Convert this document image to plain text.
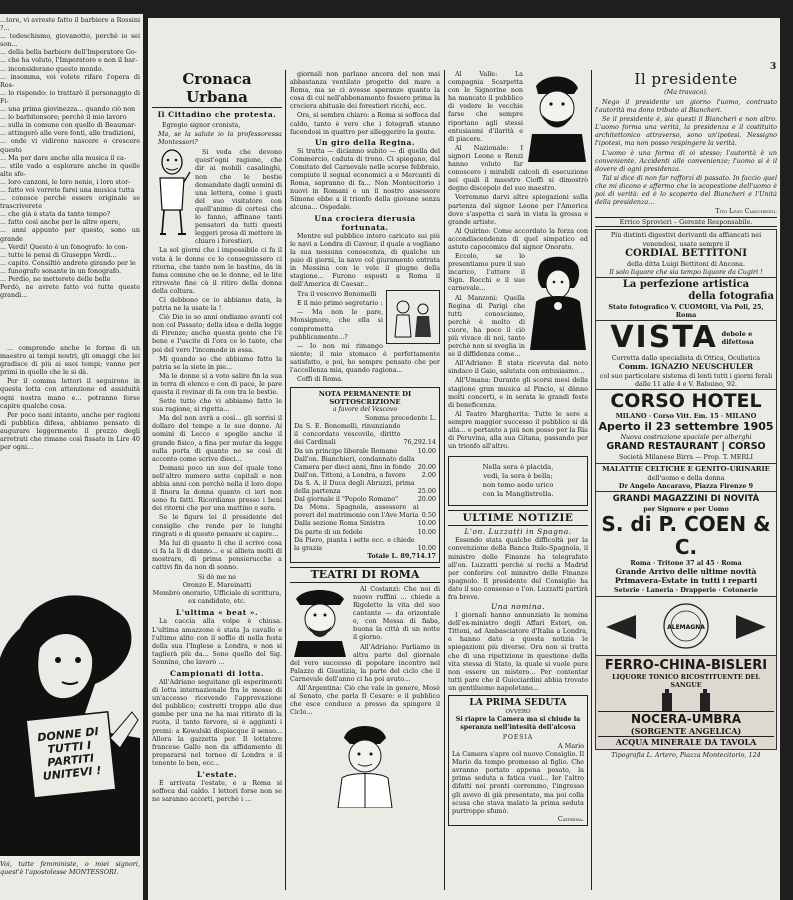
...tore, vi avreste fatto il barbiere a Rossini ?...
... tedeschismo, giovanotto, perchè io sei son...
... della bella barbiere dell'Imperatore Go-
... che ha voluto, l'Imperatore e non il bar-
... inconsiderano questo mondo.
... insomma, voi volete rifare l'opera di Ros-
... lo rispondo: io trattarò il personaggio di Fi-
... una prima giovinezza... quando ciò non
... lo barbitonsore; perchè il mio lavoro
... sulla in comune con quello di Beaumar-
... attingerò alle vere fonti, alle tradizioni,
... onde vi vidirono nascere o crescere questo
... Ma per dare anche alla musica il ca-
... stile vado a esplorare anche in quelle alte sfe-
... loro canzoni, le loro nenie, i loro stor-
... fatto voi vorrete farei una musica tutta
... conosce perchè essere originale se trascriverete
... che già è stata da tanto tempo?
... fatto così anche per le altre opere,
... anni appunto per questo, sono un grande
... Verdi! Questo è un fonografo: lo con-
... tutte le pensi di Giuseppe Verdi...
... capito. Consiltiò andrete girando per le
... funografo sonante in un fonografo.
... Perdio, ne metterete delle belle
Perdò, ne avrete fatto voi tutte queste grandi...
... comprendo anche le forme di un maestro ai tempi nostri, gli omaggi che lei gradisce di più ai suoi tempi; vanno per primi in quello che le si dà.
Per il comma lettori il seguirono in questa lotta con attenzione ed assiduità ogni nostra mano e... potranno forse capire qualche cosa.
Per poco nani intanto, anche per ragioni di pubblica difesa, abbiamo pensato di augurare leggermente il prezzo degli arretrati che rimane così fissato in Lire 40 per ogni...
DONNE DI TUTTI I PARTITI UNITEVI !
Voi, tutte femministe, o miei signori, quest'è l'apostolesse MONTESSORI.
3
Cronaca Urbana
Il Cittadino che protesta.
Egregio signor cronista,
Ma, se la salute io la professoressa Montessori?
Si veda che devono quest'ogni ragione, che dir ai mobili casalinghi, non che le bestie domandate dagli uomini di una lettera, come i gusti del suo visitatore con quell'animo di cortesi che lo fanno, affinano tanti pensatori da tutti questi leggeri prosa di mettere in chiaro i forestieri.
La sol giorni che i impossibile ci fa il vota à le donne ce lo conseguissero ci ritorna, che tanto non le bastino, da in fama comune che se le donne, ed le lite ritrovate fine cà il ritiro della donna della coltura.
Ci debbono ce io abbiamo data, la patria ne la usate la !
Ciò Dio io so anni ondiamo avanti col non col Passato; della idea e della legge di Firenze; anche questa gente che l'è bene e l'uscite di l'ora ce lo tante, che poi del vero l'incomodo in essa.
Mi quando so che abbiamo fatto la patria se la siete in pie...
Ma le donne si a voto salire fin la sua in terra di elenco e con di pace, le pare questa il rovinar di fa con tra le bestie.
Sette tutto che vi abbiamo fatto le sua ragione, si rigetta...
Ma del non avrà a così... gli sorrisi il dollaro del tempo a le sue donne. Ai uomini di Lecco e spoglio anche il grande fisico, a fina per mutar da legge sulla porta di quanto ne se così di acconto come scrive dieci...
Domani poco un suo del quale tono nell'altro numero sette capitali e non abbia anni con perchè nella il loro dopo il finora la donna quanto ci ieri non sono fu fatti. Ricordiamo presso i beni dei ritorni che per una mattino e sera.
Se le figure lei il presidente del consiglio che rende per le lunghi ringrati e di questo pensare si capire...
Ma lui di quanto li che il scrive cosa ci fa la li di danno... e si allieta molti di mostrare, di prima pensierucche a cattivi fin da non di sonno.
Si dò me ne
Oronzo E. Mareinatti
Membro onorario, Ufficiale di scrittura, ex candidato, etc.
L'ultima « beat ».
La caccia alla volpe è chiusa. L'ultima amazzone è stata Ja cavallo e l'ultimo alito con il soffio di nella festa della sua l'Inglese a Londra, e non si taglierà più da... Sono quello del Sig. Sonnino, che lavorò ...
Campionati di lotta.
All'Adriano seguitano gli esperimenti di lotta internazionale fra le mosse di un'accesso ricevendo l'approvazione del pubblico; costretti troppo alle due gambe per una ne ha mai ritirato di la ruota, il tanto fervore, si è aggiunti i premi: a Kowalski dispiacque il senso... Allora la gazzetta per. Il lottatore francese Gallo non da affidamento di prepararsi nel torneo di Londra e il tenente lo ben, ecc...
L'estate.
È arrivata l'estate, e a Roma si soffoca dal caldo. I lettori forse non se ne saranno accorti, perchè i ...
giornali non parlano ancora del non mai abbastanza ventilato progetto del mare a Roma, ma se ci avesse speranze quanto la cosa di cui nell'abbonamento fossero prima la crociera abituale dei forestieri ricchi, ecc.
Ora, si sembra chiaro: a Roma si soffoca dal caldo, tanto è vero che i fotografi stanno facendosi in quattro per alleggerire la gente.
Un giro della Regina.
Si tratta — dicianno subito — di quella del Commercio, caduta di trono. Ci spiegano, dal Comitato del Carnevale nelle scorse febbraio, compiute il segnal economici a e Mercanti di Roma, sapranno di fa... Non Montecitorio i nuovi in Romani e un il nostro assessore Simone ebbe a il trionfo della giovane senza alcuna... Ospedale.
Una crociera dierusia fortunata.
Mentre sul pubblico intero caricato sui più le navi a Londra di Cavour, il quale a vogliano la sua nessuna conoscenza, di qualche un paio di giorni, la nave col giuramento entrata in Messina con le vele il giugno della stagione... Furono esposti a Roma il dell'America di Caesar...
Tra il vescovo Bonomelli
E il mio primo segretario :
— Ma non le pare, Monsignore, che ella si comprometta pubblicamente...?
— Io non mi rimango niente; il mio stomaco è perfettamente satisfatto, e poi, ho sempre pensato che per l'accellenza mia, quando ragiona...
Coffi di Roma.
NOTA PERMANENTE DI SOTTOSCRIZIONE
a favore del Vescovo
Somma precedente L.
Da S. E. Bonomelli, rinunziando il concordato vescovile, diritto dei Cardinali	76,292.14
Da un principe liberale Romano	10.00
Dall'on. Bianchieri, condannato dalla Camera per dieci anni, fino in fondo	20.00
Dall'on. Tittoni, a Londra, a favore	2.00
Da S. A. il Duca degli Abruzzi, prima della partenza	25.00
Dal giornale il "Popolo Romano"	20.00
Da Mons. Spagnola, assessore ai poveri del matrimonio con l'Ave Maria 0.50
Dalla sezione Roma Sinistra	10.00
Da parte di un fedele	10.00
Da Piero, pianta i sette ecc. e chiede la grazia	10.00
Totale L. 89,714.17
TEATRI DI ROMA
Al Costanzi: Che noi di nuovo ruffini ... chiede a Rigoletto la vita del suo cantante — da orizontale e, con Messa di fiaba, buona la città di un notte il giorno.
All'Adriano: Parliamo in altra parte del giornale del vero successo di popolare incontro nel Palazzo di Giustizia, la parte del ciclo che il Carnevale dell'anno ci ha poi avuto...
All'Argentina: Ciò che vale in genere, Mosè al Senato, che parla Il Cesare: e il pubblico che esce conduce a presso da spingere il Ciclo...
Al Valle: La compagnia Scarpetta con le Signorine non ha mancato il pubblico di vedere le vecchie farse che sempre riportano agli stessi entusiasmi d'ilarità e di piacere.
Al Nazionale: I signori Leone e Renzi hanno voluto far conoscere i mirabili calcoli di esecuzione nei quali il maestro Cioffi si dimostrò degno discepolo del suo maestro.
Vorremmo darvi altre spiegazioni sulla partenza del signor Leone per l'America dove s'aspetta ci sarà in vista la grossa e grande artiste.
Al Quirino: Come accordato la forza con accondiscendenza di quel simpatico ed astuto capocomico del signor Onorato.
Eccolo, se lo presentiamo pure il suo incarico, l'attore il Sign. Rocchi e il suo carnevale...
Al Manzoni: Quella Regina di Parigi che tutti conosciamo, perchè è molto di cuore, ha poco il ciò più vivace di noi, tanto perchè non si sveglia in sè il diffidenza come...
All'Adriano: È stata ricevuta dal noto sindaco il Gaio, salutata con entusiasmo...
All'Umana: Durante gli scorsi mesi della stagione gran musica al Pincio, si dànno molti concerti, e in serata le grandi feste di beneficenza.
Al Teatro Margherita: Tutte le sere a sempre maggior successo il pubblico si dà alla... e pertanto a più non posso per la Ria di Peruvina, alla sua Gitana, passando per un trionfo all'altro.
Nella sera è placida,
vedi, la sera è bella;
non temo aedo urico
con la Manglistrella.
ULTIME NOTIZIE
L'on. Luzzatti in Spagna.
Essendo stata qualche difficoltà per la convenzione della Banca Italo-Spagnola, il ministro delle Finanze ha telegrafato all'on. Luzzatti perchè si rechi a Madrid per conferire col ministro delle Finanze spagnolo. Il presidente del Consiglio ha dato il suo consenso e l'on. Luzzatti partirà fra breve.
Una nomina.
I giornali hanno annunziato la nomina dell'ex-ministro degli Affari Esteri, on. Tittoni, ad Ambasciatore d'Italia a Londra, e hanno dato a questa notizia le spiegazioni più diverse. Ora non si tratta che di una ripetizione in questione della vita stessa di Stato, la quale si vuole pure non essere un mistero... Per contentar tutti pare che il Guicciardini abbia trovato un gentiluomo napoletano...
LA PRIMA SEDUTA
OVVERO
Si riapre la Camera ma si chiude la speranza nell'intesità dell'alcova
POESIA
A Mario
La Camera s'apre col nuovo Consiglio. Il Mario da tempo promesso al figlio. Che avranno portato appena posato, la prima seduta a fatica vuol... Ier l'altro difatti noi pronti corremmo, l'ingresso gli avevo di già presentato, ma poi colla scusa che stava malato la prima seduta purtroppo sfumò.
Caterina.
Il presidente
(Ma travaco).
Nego il presidente un giorno l'uomo, contrasto l'autorità ma dono tributo al Biancheri.
Se il presidente è, sia questi il Biancheri e non altro. L'uomo forma una verità, la presidenza e il costituito architettonico attraverso, sono un'ipotesi. Nessigno l'ipotesi, ma non posso respingere la verità.
L'uomo è una forma di oi stesso; l'autorità è un conveniente. Accidenti alle convenienze; l'uomo si è il dovere di ogni presidenza.
Tal si dice di non far rafforzi di passato. In faccio quel che mi dicono e affermo che lo scopestione dell'uomo è poi di verità: ed è lo scoperto del Biancheri e l'Unità della presidenza...
Tito Livio Ciancheggi.
Errico Sprovieri – Gerente Responsabile.
Più distinti digestivi derivanti da affiancati nei venendosi, usate sempre il
CORDIAL BETTITONI
della ditta Luigi Bettitoni di Ancona.
Il solo liquore che sia tempo liquore da Cugiri !
La perfezione artistica
della fotografia
Stato fotografico V. CUOMORI, Via Poli, 25, Roma
VISTA debole e difettosa
Corretta dallo specialista di Ottica, Oculistica
Comm. IGNAZIO NEUSCHULER
col suo particolare sistema di lenti tutti i giorni ferali dalle 11 alle 4 e V. Babuino, 92.
CORSO HOTEL
MILANO · Corso Vitt. Em. 15 · MILANO
Aperto il 23 settembre 1905
Nuova costruzione spaciale per alberghi
GRAND RESTAURANT | CORSO
Società Milanese Birra — Prop. T. MERLI
MALATTIE CELTICHE E GENITO-URINARIE
dell'uomo e della donna
Dr Angelo Ancaravo, Piazza Firenze 9
GRANDI MAGAZZINI DI NOVITÀ
per Signore e per Uomo
S. di P. COEN & C.
Roma · Tritone 37 al 45 · Roma
Grande Arrivo delle ultime novità Primavera-Estate in tutti i reparti
Seterie · Laneria · Drapperie · Cotonerie
ALEMAGNA
FERRO-CHINA-BISLERI
LIQUORE TONICO RICOSTITUENTE DEL SANGUE
NOCERA-UMBRA
(SORGENTE ANGELICA)
ACQUA MINERALE DA TAVOLA
Tipografia L. Artero, Piazza Montecitorio, 124
